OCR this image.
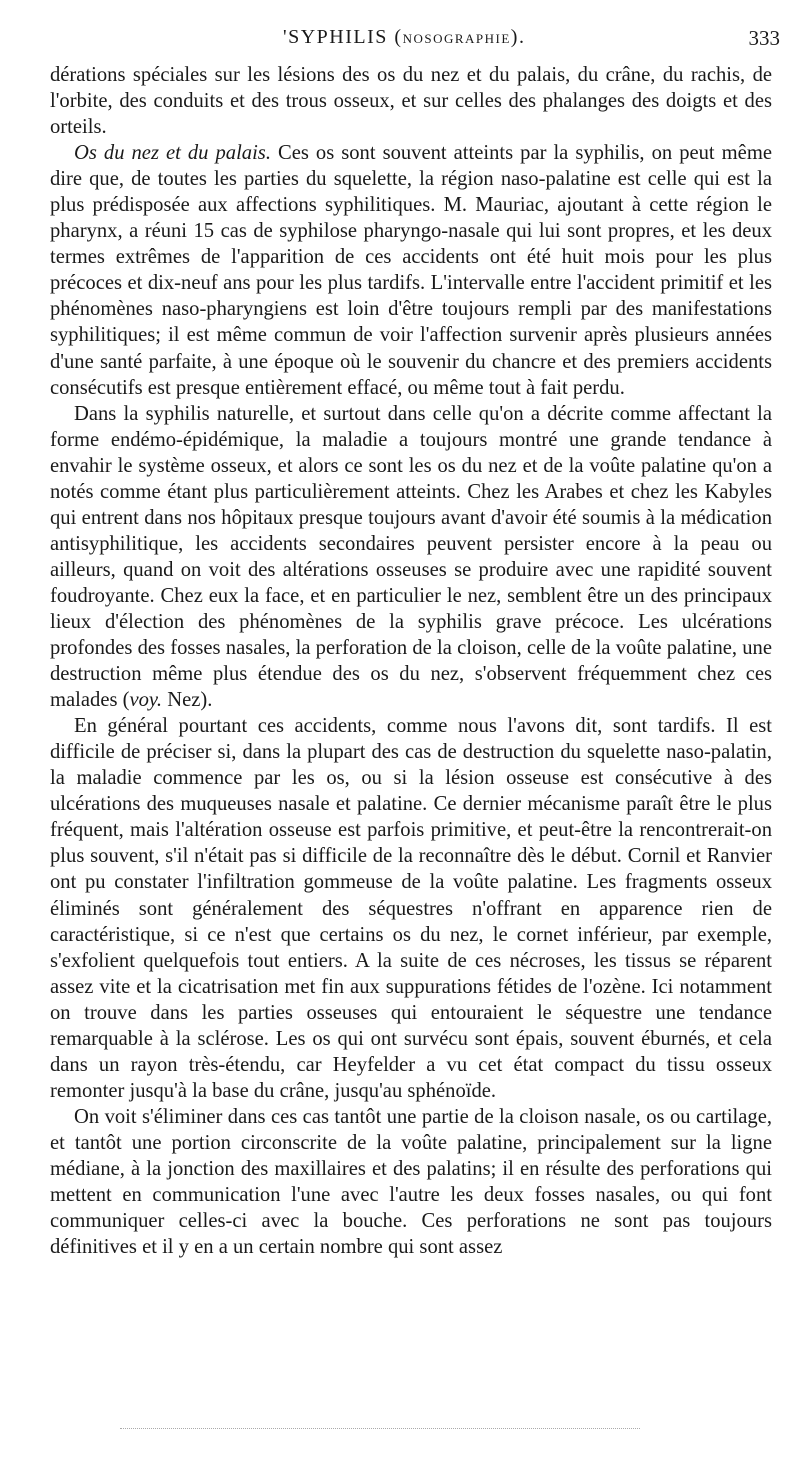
'SYPHILIS (NOSOGRAPHIE).	333

dérations spéciales sur les lésions des os du nez et du palais, du crâne, du rachis, de l'orbite, des conduits et des trous osseux, et sur celles des phalanges des doigts et des orteils.

Os du nez et du palais. Ces os sont souvent atteints par la syphilis, on peut même dire que, de toutes les parties du squelette, la région naso-palatine est celle qui est la plus prédisposée aux affections syphilitiques. M. Mauriac, ajoutant à cette région le pharynx, a réuni 15 cas de syphilose pharyngo-nasale qui lui sont propres, et les deux termes extrêmes de l'apparition de ces accidents ont été huit mois pour les plus précoces et dix-neuf ans pour les plus tardifs. L'intervalle entre l'accident primitif et les phénomènes naso-pharyngiens est loin d'être toujours rempli par des manifestations syphilitiques; il est même commun de voir l'affection survenir après plusieurs années d'une santé parfaite, à une époque où le souvenir du chancre et des premiers accidents consécutifs est presque entièrement effacé, ou même tout à fait perdu.

Dans la syphilis naturelle, et surtout dans celle qu'on a décrite comme affectant la forme endémo-épidémique, la maladie a toujours montré une grande tendance à envahir le système osseux, et alors ce sont les os du nez et de la voûte palatine qu'on a notés comme étant plus particulièrement atteints. Chez les Arabes et chez les Kabyles qui entrent dans nos hôpitaux presque toujours avant d'avoir été soumis à la médication antisyphilitique, les accidents secondaires peuvent persister encore à la peau ou ailleurs, quand on voit des altérations osseuses se produire avec une rapidité souvent foudroyante. Chez eux la face, et en particulier le nez, semblent être un des principaux lieux d'élection des phénomènes de la syphilis grave précoce. Les ulcérations profondes des fosses nasales, la perforation de la cloison, celle de la voûte palatine, une destruction même plus étendue des os du nez, s'observent fréquemment chez ces malades (voy. Nez).

En général pourtant ces accidents, comme nous l'avons dit, sont tardifs. Il est difficile de préciser si, dans la plupart des cas de destruction du squelette naso-palatin, la maladie commence par les os, ou si la lésion osseuse est consécutive à des ulcérations des muqueuses nasale et palatine. Ce dernier mécanisme paraît être le plus fréquent, mais l'altération osseuse est parfois primitive, et peut-être la rencontrerait-on plus souvent, s'il n'était pas si difficile de la reconnaître dès le début. Cornil et Ranvier ont pu constater l'infiltration gommeuse de la voûte palatine. Les fragments osseux éliminés sont généralement des séquestres n'offrant en apparence rien de caractéristique, si ce n'est que certains os du nez, le cornet inférieur, par exemple, s'exfolient quelquefois tout entiers. A la suite de ces nécroses, les tissus se réparent assez vite et la cicatrisation met fin aux suppurations fétides de l'ozène. Ici notamment on trouve dans les parties osseuses qui entouraient le séquestre une tendance remarquable à la sclérose. Les os qui ont survécu sont épais, souvent éburnés, et cela dans un rayon très-étendu, car Heyfelder a vu cet état compact du tissu osseux remonter jusqu'à la base du crâne, jusqu'au sphénoïde.

On voit s'éliminer dans ces cas tantôt une partie de la cloison nasale, os ou cartilage, et tantôt une portion circonscrite de la voûte palatine, principalement sur la ligne médiane, à la jonction des maxillaires et des palatins; il en résulte des perforations qui mettent en communication l'une avec l'autre les deux fosses nasales, ou qui font communiquer celles-ci avec la bouche. Ces perforations ne sont pas toujours définitives et il y en a un certain nombre qui sont assez
